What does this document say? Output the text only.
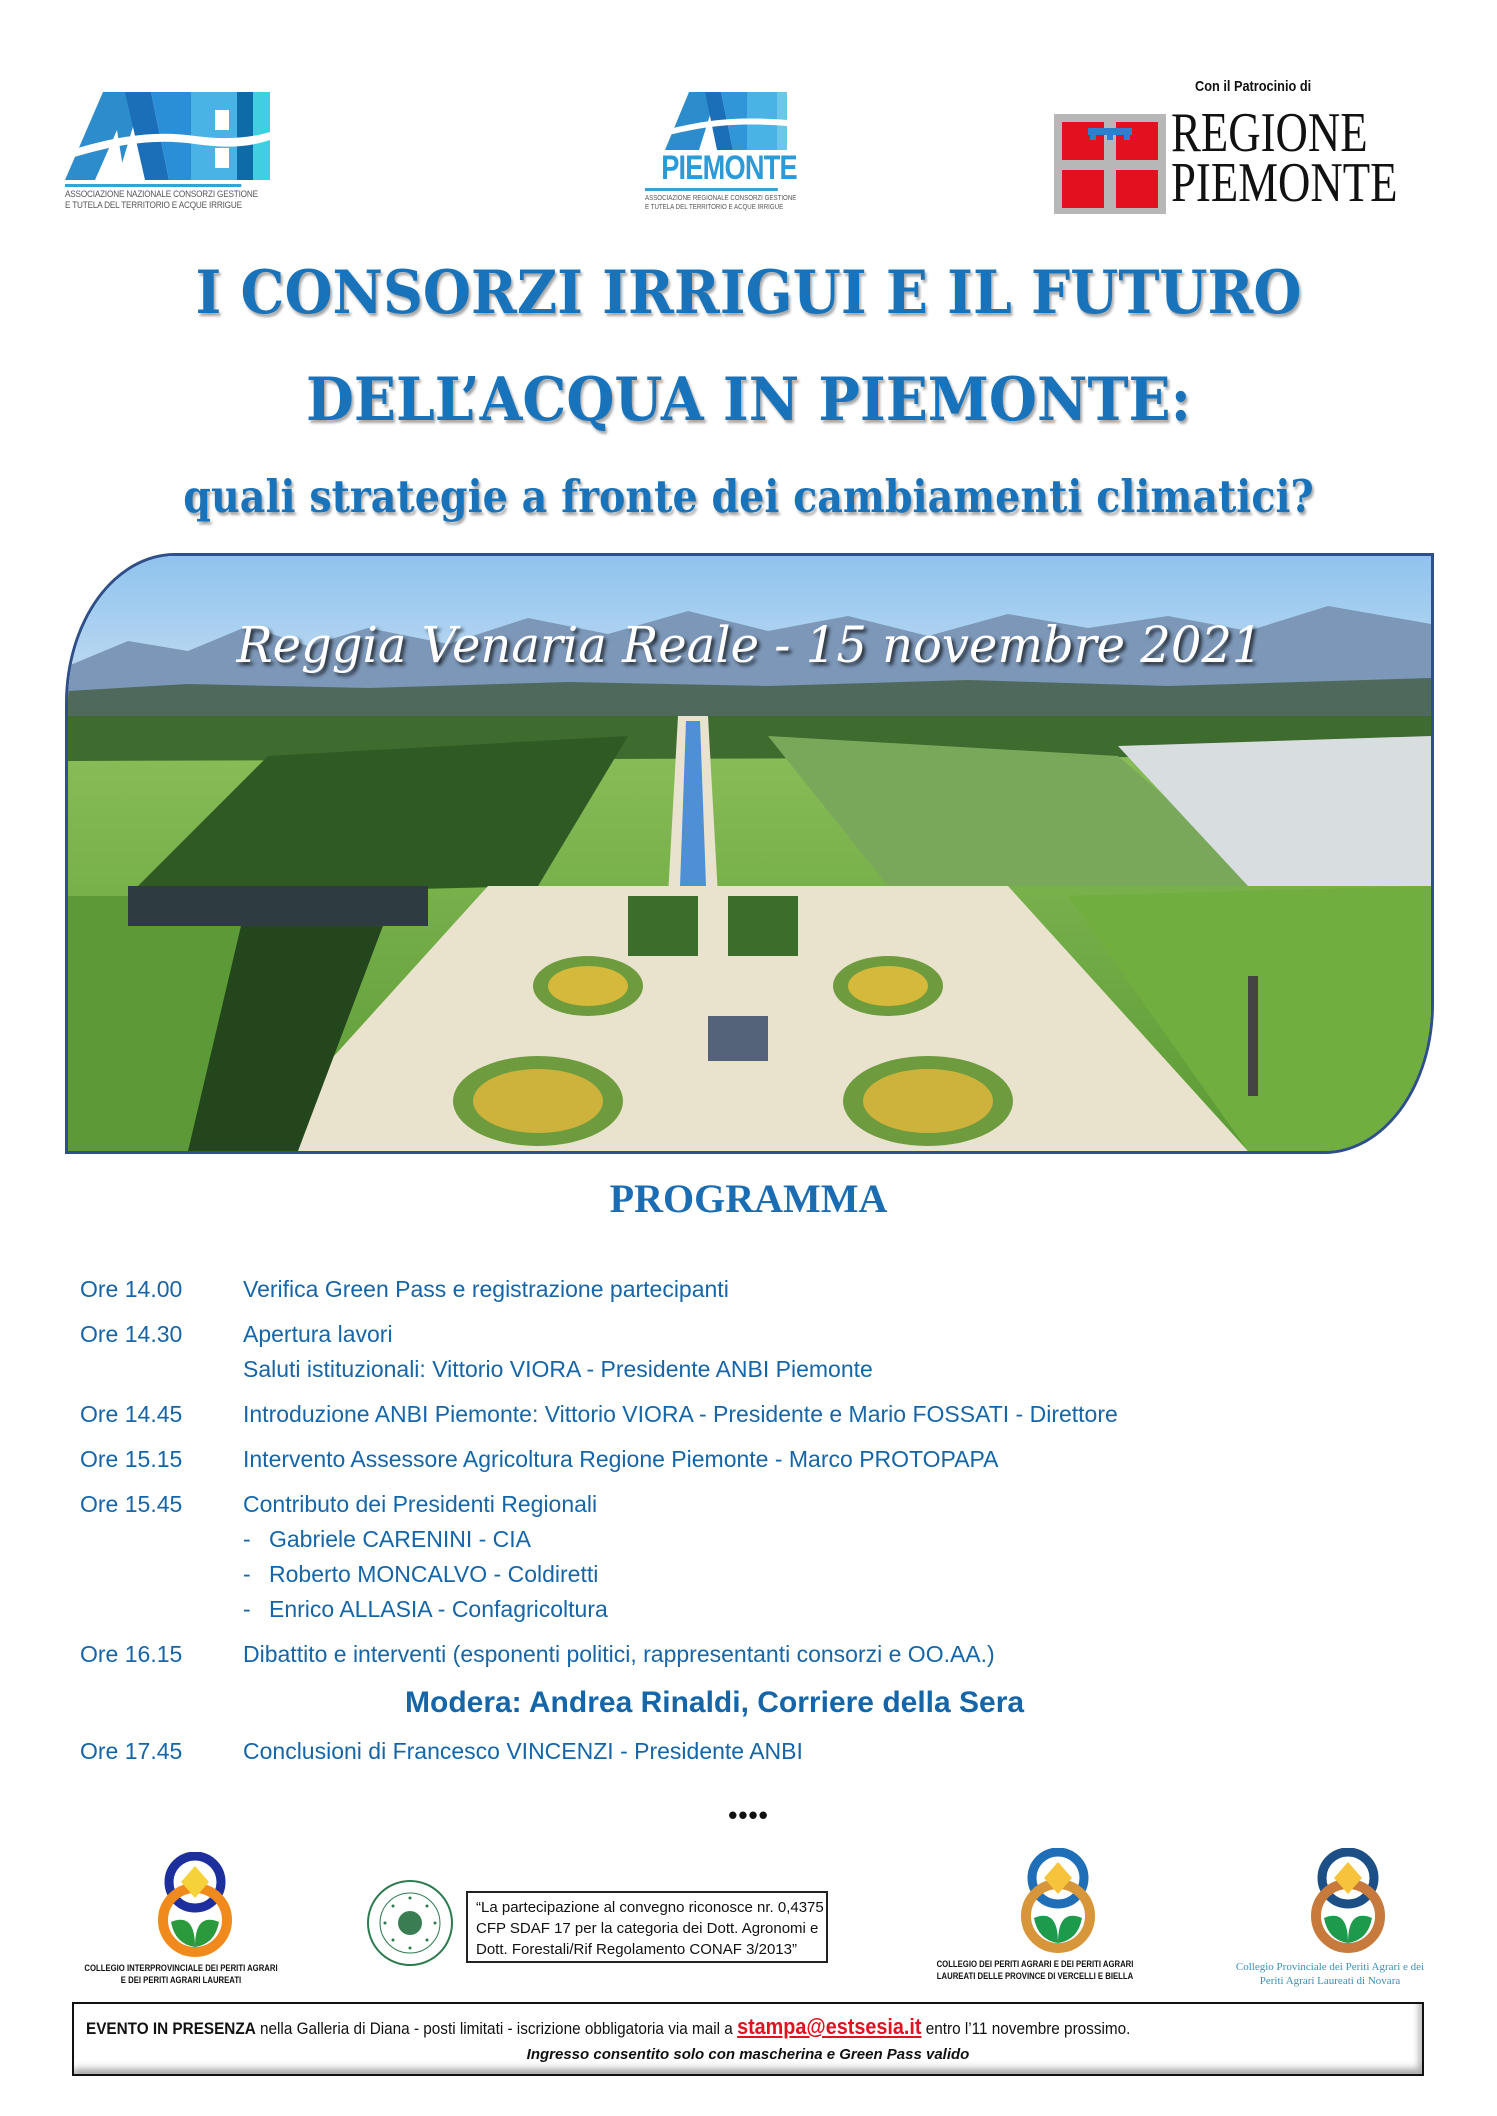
ASSOCIAZIONE NAZIONALE CONSORZI GESTIONE
E TUTELA DEL TERRITORIO E ACQUE IRRIGUE
PIEMONTE
ASSOCIAZIONE REGIONALE CONSORZI GESTIONE
E TUTELA DEL TERRITORIO E ACQUE IRRIGUE
Con il Patrocinio di
REGIONE
PIEMONTE
I CONSORZI IRRIGUI E IL FUTURO
DELL’ACQUA IN PIEMONTE:
quali strategie a fronte dei cambiamenti climatici?
Reggia Venaria Reale - 15 novembre 2021
PROGRAMMA
Ore 14.00	Verifica Green Pass e registrazione partecipanti
Ore 14.30	Apertura lavori
Saluti istituzionali: Vittorio VIORA - Presidente ANBI Piemonte
Ore 14.45	Introduzione ANBI Piemonte: Vittorio VIORA - Presidente e Mario FOSSATI - Direttore
Ore 15.15	Intervento Assessore Agricoltura Regione Piemonte - Marco PROTOPAPA
Ore 15.45	Contributo dei Presidenti Regionali
- Gabriele CARENINI - CIA
- Roberto MONCALVO - Coldiretti
- Enrico ALLASIA - Confagricoltura
Ore 16.15	Dibattito e interventi (esponenti politici, rappresentanti consorzi e OO.AA.)
Modera: Andrea Rinaldi, Corriere della Sera
Ore 17.45	Conclusioni di Francesco VINCENZI - Presidente ANBI
••••
COLLEGIO INTERPROVINCIALE DEI PERITI AGRARI
E DEI PERITI AGRARI LAUREATI
“La partecipazione al convegno riconosce nr. 0,4375
CFP SDAF 17 per la categoria dei Dott. Agronomi e
Dott. Forestali/Rif Regolamento CONAF 3/2013”
COLLEGIO DEI PERITI AGRARI E DEI PERITI AGRARI
LAUREATI DELLE PROVINCE DI VERCELLI E BIELLA
Collegio Provinciale dei Periti Agrari e dei
Periti Agrari Laureati di Novara
EVENTO IN PRESENZA nella Galleria di Diana - posti limitati - iscrizione obbligatoria via mail a stampa@estsesia.it entro l’11 novembre prossimo.
Ingresso consentito solo con mascherina e Green Pass valido
